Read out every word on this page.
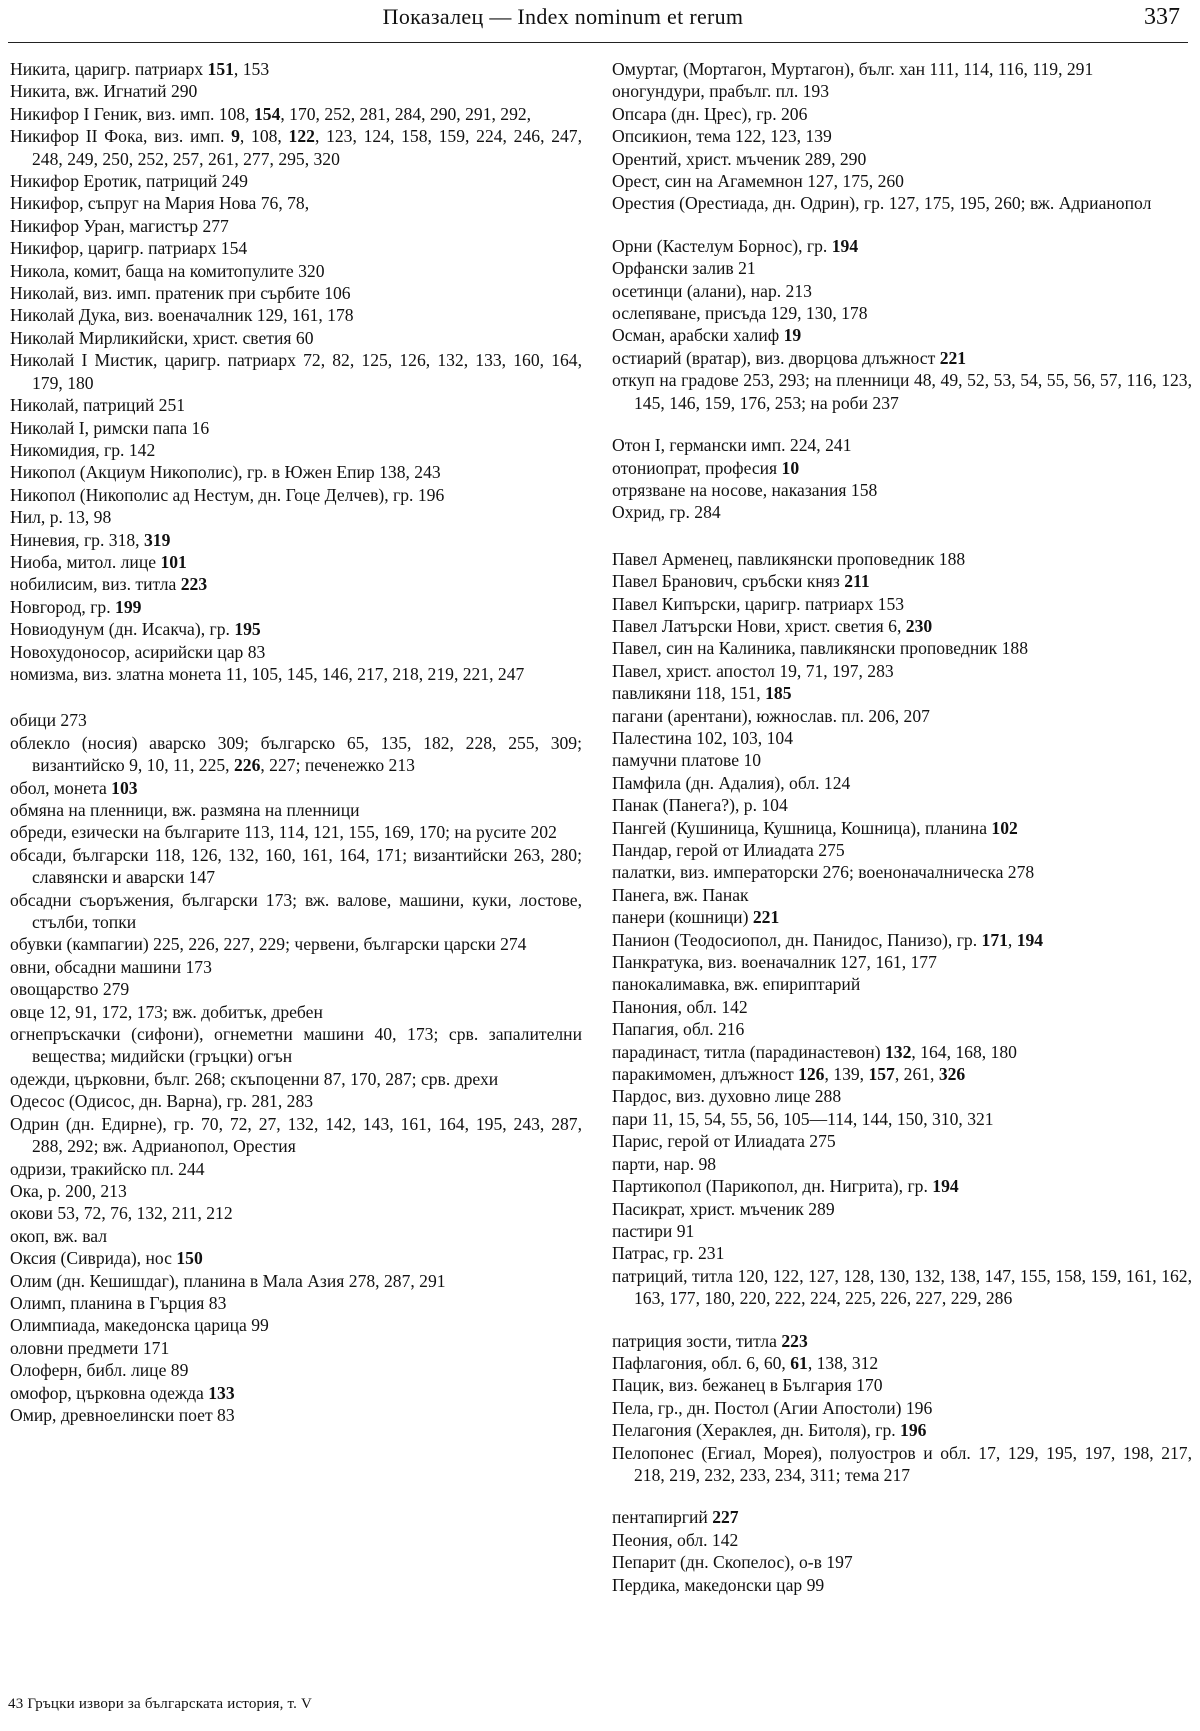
Показалец — Index nominum et rerum	337
Никита, царигр. патриарх 151, 153
Никита, вж. Игнатий 290
Никифор I Геник, виз. имп. 108, 154, 170, 252, 281, 284, 290, 291, 292,
Никифор II Фока, виз. имп. 9, 108, 122, 123, 124, 158, 159, 224, 246, 247, 248, 249, 250, 252, 257, 261, 277, 295, 320
Никифор Еротик, патриций 249
Никифор, съпруг на Мария Нова 76, 78,
Никифор Уран, магистър 277
Никифор, царигр. патриарх 154
Никола, комит, баща на комитопулите 320
Николай, виз. имп. пратеник при сърбите 106
Николай Дука, виз. военачалник 129, 161, 178
Николай Мирликийски, христ. светия 60
Николай I Мистик, царигр. патриарх 72, 82, 125, 126, 132, 133, 160, 164, 179, 180
Николай, патриций 251
Николай I, римски папа 16
Никомидия, гр. 142
Никопол (Акциум Никополис), гр. в Южен Епир 138, 243
Никопол (Никополис ад Нестум, дн. Гоце Делчев), гр. 196
Нил, р. 13, 98
Ниневия, гр. 318, 319
Ниоба, митол. лице 101
нобилисим, виз. титла 223
Новгород, гр. 199
Новиодунум (дн. Исакча), гр. 195
Новохудоносор, асирийски цар 83
номизма, виз. златна монета 11, 105, 145, 146, 217, 218, 219, 221, 247
обици 273
облекло (носия) аварско 309; българско 65, 135, 182, 228, 255, 309; византийско 9, 10, 11, 225, 226, 227; печенежко 213
обол, монета 103
обмяна на пленници, вж. размяна на пленници
обреди, езически на българите 113, 114, 121, 155, 169, 170; на русите 202
обсади, български 118, 126, 132, 160, 161, 164, 171; византийски 263, 280; славянски и аварски 147
обсадни съоръжения, български 173; вж. валове, машини, куки, лостове, стълби, топки
обувки (кампагии) 225, 226, 227, 229; червени, български царски 274
овни, обсадни машини 173
овощарство 279
овце 12, 91, 172, 173; вж. добитък, дребен
огнепръскачки (сифони), огнеметни машини 40, 173; срв. запалителни вещества; мидийски (гръцки) огън
одежди, църковни, бълг. 268; скъпоценни 87, 170, 287; срв. дрехи
Одесос (Одисос, дн. Варна), гр. 281, 283
Одрин (дн. Едирне), гр. 70, 72, 27, 132, 142, 143, 161, 164, 195, 243, 287, 288, 292; вж. Адрианопол, Орестия
одризи, тракийско пл. 244
Ока, р. 200, 213
окови 53, 72, 76, 132, 211, 212
окоп, вж. вал
Оксия (Сиврида), нос 150
Олим (дн. Кешишдаг), планина в Мала Азия 278, 287, 291
Олимп, планина в Гърция 83
Олимпиада, македонска царица 99
оловни предмети 171
Олоферн, библ. лице 89
омофор, църковна одежда 133
Омир, древноелински поет 83
Омуртаг, (Мортагон, Муртагон), бълг. хан 111, 114, 116, 119, 291
оногундури, прабълг. пл. 193
Опсара (дн. Црес), гр. 206
Опсикион, тема 122, 123, 139
Орентий, христ. мъченик 289, 290
Орест, син на Агамемнон 127, 175, 260
Орестия (Орестиада, дн. Одрин), гр. 127, 175, 195, 260; вж. Адрианопол
Орни (Кастелум Борнос), гр. 194
Орфански залив 21
осетинци (алани), нар. 213
ослепяване, присъда 129, 130, 178
Осман, арабски халиф 19
остиарий (вратар), виз. дворцова длъжност 221
откуп на градове 253, 293; на пленници 48, 49, 52, 53, 54, 55, 56, 57, 116, 123, 145, 146, 159, 176, 253; на роби 237
Отон I, германски имп. 224, 241
отониопрат, професия 10
отрязване на носове, наказания 158
Охрид, гр. 284
Павел Арменец, павликянски проповедник 188
Павел Бранович, сръбски княз 211
Павел Кипърски, царигр. патриарх 153
Павел Латърски Нови, христ. светия 6, 230
Павел, син на Калиника, павликянски проповедник 188
Павел, христ. апостол 19, 71, 197, 283
павликяни 118, 151, 185
пагани (арентани), южнослав. пл. 206, 207
Палестина 102, 103, 104
памучни платове 10
Памфила (дн. Адалия), обл. 124
Панак (Панега?), р. 104
Пангей (Кушиница, Кушница, Кошница), планина 102
Пандар, герой от Илиадата 275
палатки, виз. императорски 276; военоначалническа 278
Панега, вж. Панак
панери (кошници) 221
Панион (Теодосиопол, дн. Панидос, Панизо), гр. 171, 194
Панкратука, виз. военачалник 127, 161, 177
панокалимавка, вж. епиpиптарий
Панония, обл. 142
Папагия, обл. 216
парадинаст, титла (парадинастевон) 132, 164, 168, 180
паракимомен, длъжност 126, 139, 157, 261, 326
Пардос, виз. духовно лице 288
пари 11, 15, 54, 55, 56, 105—114, 144, 150, 310, 321
Парис, герой от Илиадата 275
парти, нар. 98
Партикопол (Парикопол, дн. Нигрита), гр. 194
Пасикрат, христ. мъченик 289
пастири 91
Патрас, гр. 231
патриций, титла 120, 122, 127, 128, 130, 132, 138, 147, 155, 158, 159, 161, 162, 163, 177, 180, 220, 222, 224, 225, 226, 227, 229, 286
патриция зости, титла 223
Пафлагония, обл. 6, 60, 61, 138, 312
Пацик, виз. бежанец в България 170
Пела, гр., дн. Постол (Агии Апостоли) 196
Пелагония (Хераклея, дн. Битоля), гр. 196
Пелопонес (Егиал, Морея), полуостров и обл. 17, 129, 195, 197, 198, 217, 218, 219, 232, 233, 234, 311; тема 217
пентапиргий 227
Пеония, обл. 142
Пепарит (дн. Скопелос), о-в 197
Пердика, македонски цар 99
43 Гръцки извори за българската история, т. V
